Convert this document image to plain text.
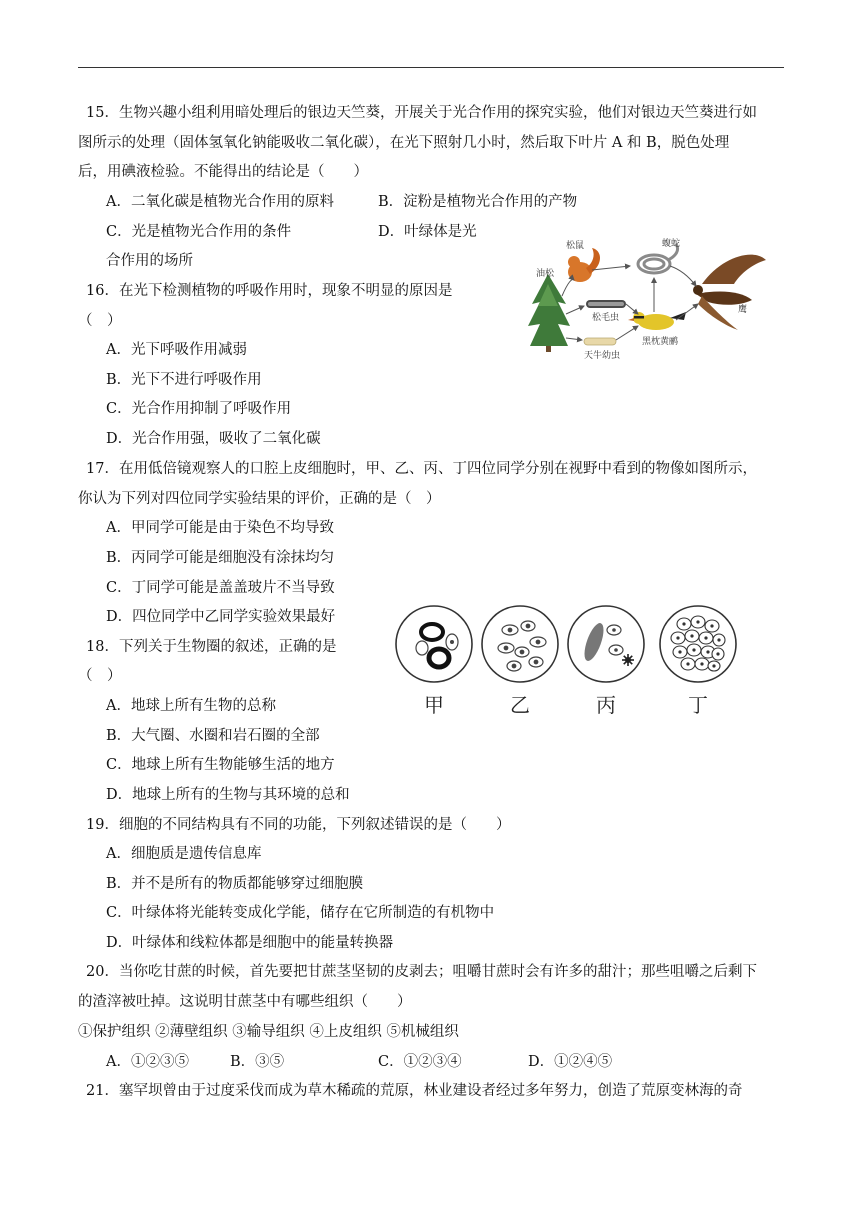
15．生物兴趣小组利用暗处理后的银边天竺葵，开展关于光合作用的探究实验，他们对银边天竺葵进行如
图所示的处理（固体氢氧化钠能吸收二氧化碳），在光下照射几小时，然后取下叶片 A 和 B，脱色处理
后，用碘液检验。不能得出的结论是（　　）
A．二氧化碳是植物光合作用的原料	B．淀粉是植物光合作用的产物
C．光是植物光合作用的条件	D．叶绿体是光
合作用的场所
16．在光下检测植物的呼吸作用时，现象不明显的原因是
（　）
A．光下呼吸作用减弱
B．光下不进行呼吸作用
C．光合作用抑制了呼吸作用
D．光合作用强，吸收了二氧化碳
油松
松鼠	蝮蛇
松毛虫
天牛幼虫
黑枕黄鹂
鹰
17．在用低倍镜观察人的口腔上皮细胞时，甲、乙、丙、丁四位同学分别在视野中看到的物像如图所示，
你认为下列对四位同学实验结果的评价，正确的是（　）
A．甲同学可能是由于染色不均导致
B．丙同学可能是细胞没有涂抹均匀
C．丁同学可能是盖盖玻片不当导致
D．四位同学中乙同学实验效果最好
甲	乙	丙	丁
18．下列关于生物圈的叙述，正确的是
（　）
A．地球上所有生物的总称
B．大气圈、水圈和岩石圈的全部
C．地球上所有生物能够生活的地方
D．地球上所有的生物与其环境的总和
19．细胞的不同结构具有不同的功能，下列叙述错误的是（　　）
A．细胞质是遗传信息库
B．并不是所有的物质都能够穿过细胞膜
C．叶绿体将光能转变成化学能，储存在它所制造的有机物中
D．叶绿体和线粒体都是细胞中的能量转换器
20．当你吃甘蔗的时候，首先要把甘蔗茎坚韧的皮剥去；咀嚼甘蔗时会有许多的甜汁；那些咀嚼之后剩下
的渣滓被吐掉。这说明甘蔗茎中有哪些组织（　　）
①保护组织 ②薄壁组织 ③输导组织 ④上皮组织 ⑤机械组织
A．①②③⑤	B．③⑤	C．①②③④	D．①②④⑤
21．塞罕坝曾由于过度采伐而成为草木稀疏的荒原，林业建设者经过多年努力，创造了荒原变林海的奇
